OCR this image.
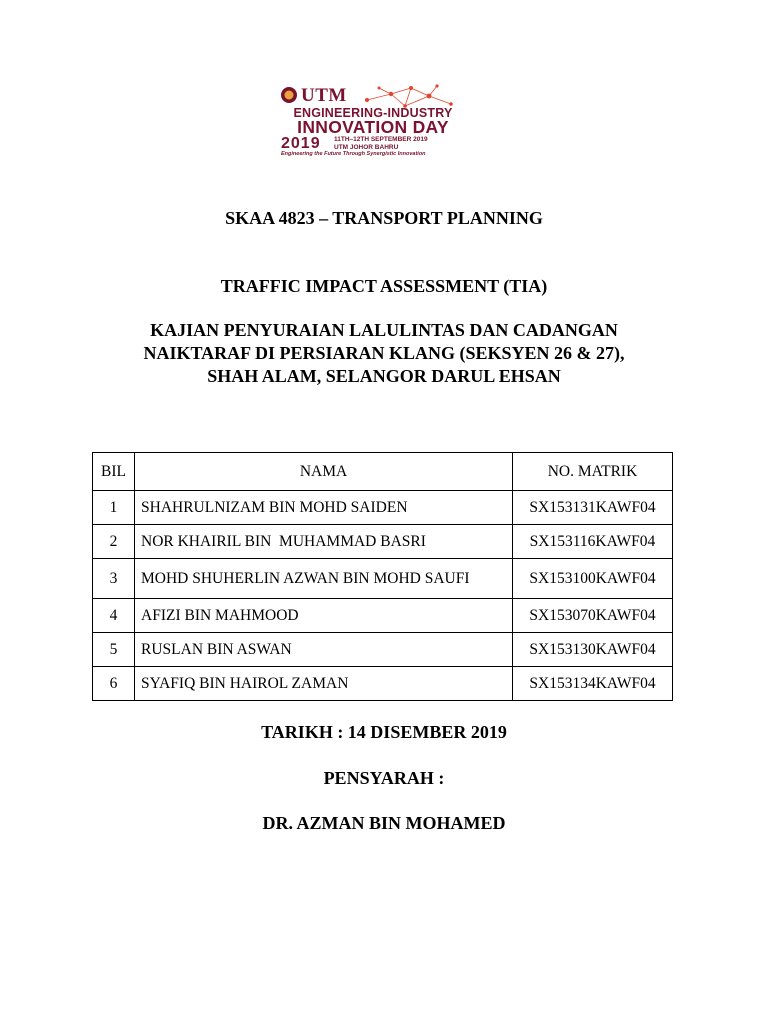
UTM
ENGINEERING-INDUSTRY
INNOVATION DAY
2019 11TH–12TH SEPTEMBER 2019
UTM JOHOR BAHRU
Engineering the Future Through Synergistic Innovation
SKAA 4823 – TRANSPORT PLANNING
TRAFFIC IMPACT ASSESSMENT (TIA)
KAJIAN PENYURAIAN LALULINTAS DAN CADANGAN
NAIKTARAF DI PERSIARAN KLANG (SEKSYEN 26 & 27),
SHAH ALAM, SELANGOR DARUL EHSAN
BIL	NAMA	NO. MATRIK
1	SHAHRULNIZAM BIN MOHD SAIDEN	SX153131KAWF04
2	NOR KHAIRIL BIN  MUHAMMAD BASRI	SX153116KAWF04
3	MOHD SHUHERLIN AZWAN BIN MOHD SAUFI	SX153100KAWF04
4	AFIZI BIN MAHMOOD	SX153070KAWF04
5	RUSLAN BIN ASWAN	SX153130KAWF04
6	SYAFIQ BIN HAIROL ZAMAN	SX153134KAWF04
TARIKH : 14 DISEMBER 2019
PENSYARAH :
DR. AZMAN BIN MOHAMED
